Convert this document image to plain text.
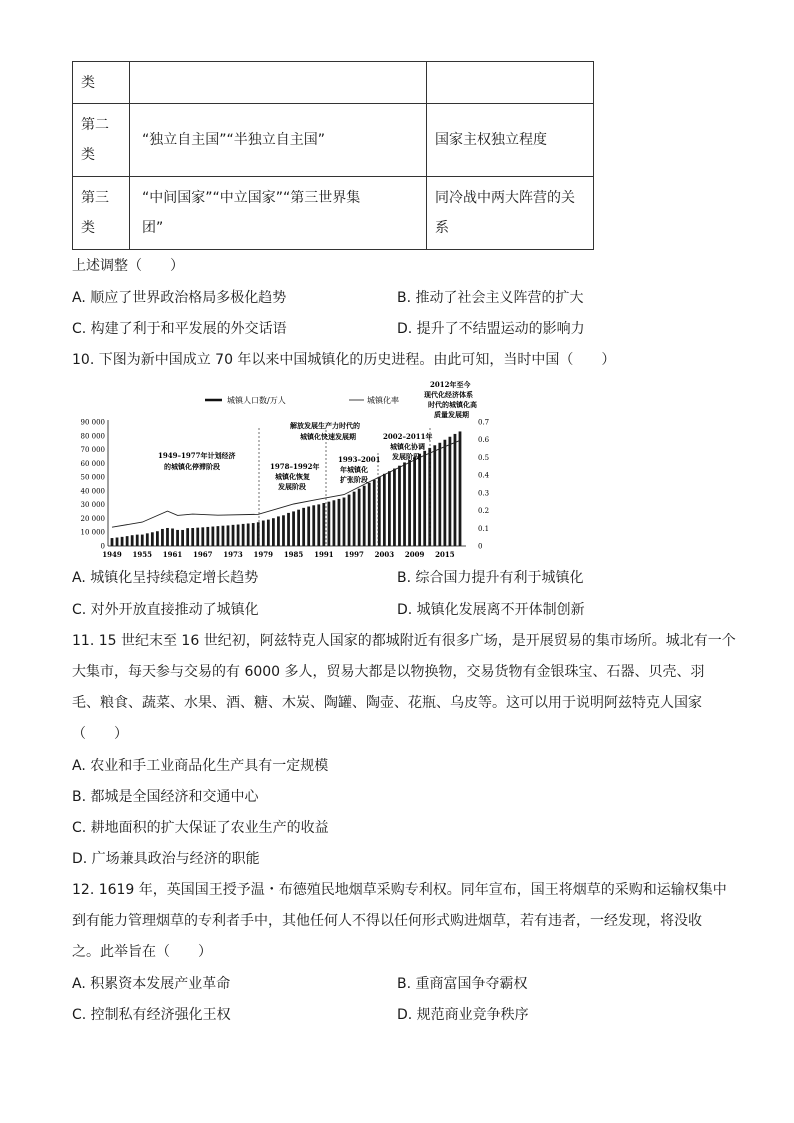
类		
第二
类	“独立自主国”“半独立自主国”	国家主权独立程度
第三
类	“中间国家”“中立国家”“第三世界集
团”	同冷战中两大阵营的关
系
上述调整（　　）
A. 顺应了世界政治格局多极化趋势	B. 推动了社会主义阵营的扩大
C. 构建了利于和平发展的外交话语	D. 提升了不结盟运动的影响力
10. 下图为新中国成立 70 年以来中国城镇化的历史进程。由此可知，当时中国（　　）
城镇人口数/万人	城镇化率
0
10 000
20 000
30 000
40 000
50 000
60 000
70 000
80 000
90 000
0
0.1
0.2
0.3
0.4
0.5
0.6
0.7
1949 1955 1961 1967 1973 1979 1985 1991 1997 2003 2009 2015
1949–1977年计划经济
的城镇化停滞阶段	1978–1992年
城镇化恢复
发展阶段
解放发展生产力时代的
城镇化快速发展期
1993–2001
年城镇化
扩张阶段
2002–2011年
城镇化协调
发展阶段
2012年至今
现代化经济体系
时代的城镇化高
质量发展期
A. 城镇化呈持续稳定增长趋势	B. 综合国力提升有利于城镇化
C. 对外开放直接推动了城镇化	D. 城镇化发展离不开体制创新
11. 15 世纪末至 16 世纪初，阿兹特克人国家的都城附近有很多广场，是开展贸易的集市场所。城北有一个
大集市，每天参与交易的有 6000 多人，贸易大都是以物换物，交易货物有金银珠宝、石器、贝壳、羽
毛、粮食、蔬菜、水果、酒、糖、木炭、陶罐、陶壶、花瓶、乌皮等。这可以用于说明阿兹特克人国家
（　　）
A. 农业和手工业商品化生产具有一定规模
B. 都城是全国经济和交通中心
C. 耕地面积的扩大保证了农业生产的收益
D. 广场兼具政治与经济的职能
12. 1619 年，英国国王授予温・布德殖民地烟草采购专利权。同年宣布，国王将烟草的采购和运输权集中
到有能力管理烟草的专利者手中，其他任何人不得以任何形式购进烟草，若有违者，一经发现，将没收
之。此举旨在（　　）
A. 积累资本发展产业革命	B. 重商富国争夺霸权
C. 控制私有经济强化王权	D. 规范商业竞争秩序
